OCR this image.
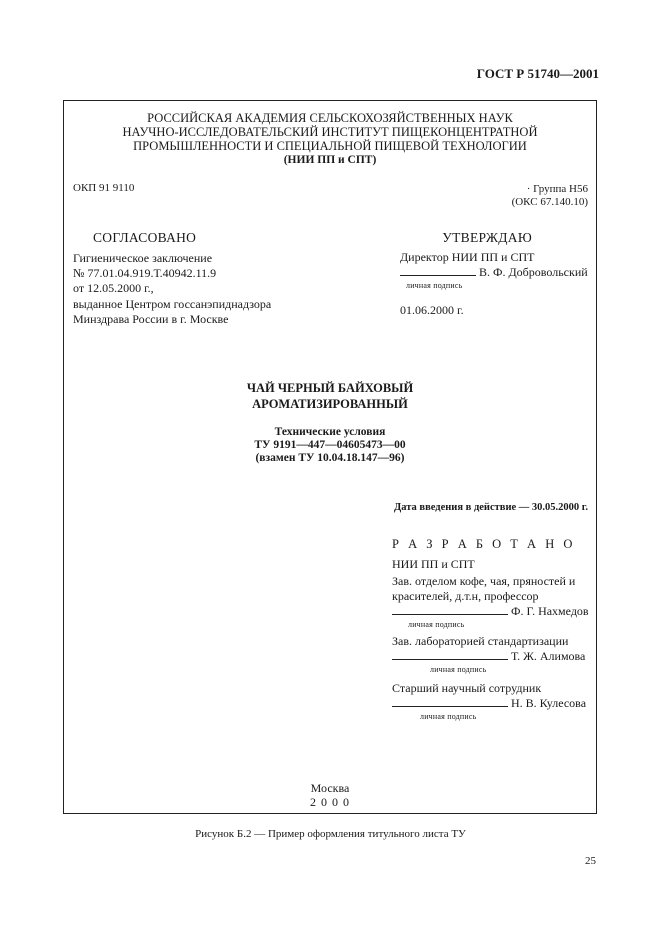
ГОСТ Р 51740—2001
РОССИЙСКАЯ АКАДЕМИЯ СЕЛЬСКОХОЗЯЙСТВЕННЫХ НАУК
НАУЧНО-ИССЛЕДОВАТЕЛЬСКИЙ ИНСТИТУТ ПИЩЕКОНЦЕНТРАТНОЙ
ПРОМЫШЛЕННОСТИ И СПЕЦИАЛЬНОЙ ПИЩЕВОЙ ТЕХНОЛОГИИ
(НИИ ПП и СПТ)
ОКП 91 9110	· Группа Н56
(ОКС 67.140.10)
СОГЛАСОВАНО	УТВЕРЖДАЮ
Гигиеническое заключение
№ 77.01.04.919.Т.40942.11.9
от 12.05.2000 г.,
выданное Центром госсанэпиднадзора
Минздрава России в г. Москве
Директор НИИ ПП и СПТ
В. Ф. Добровольский
личная подпись
01.06.2000 г.
ЧАЙ ЧЕРНЫЙ БАЙХОВЫЙ
АРОМАТИЗИРОВАННЫЙ
Технические условия
ТУ 9191—447—04605473—00
(взамен ТУ 10.04.18.147—96)
Дата введения в действие — 30.05.2000 г.
Р А З Р А Б О Т А Н О
НИИ ПП и СПТ
Зав. отделом кофе, чая, пряностей и
красителей, д.т.н, профессор
Ф. Г. Нахмедов
личная подпись
Зав. лабораторией стандартизации
Т. Ж. Алимова
личная подпись
Старший научный сотрудник
Н. В. Кулесова
личная подпись
Москва
2 0 0 0
Рисунок Б.2 — Пример оформления титульного листа ТУ
25
